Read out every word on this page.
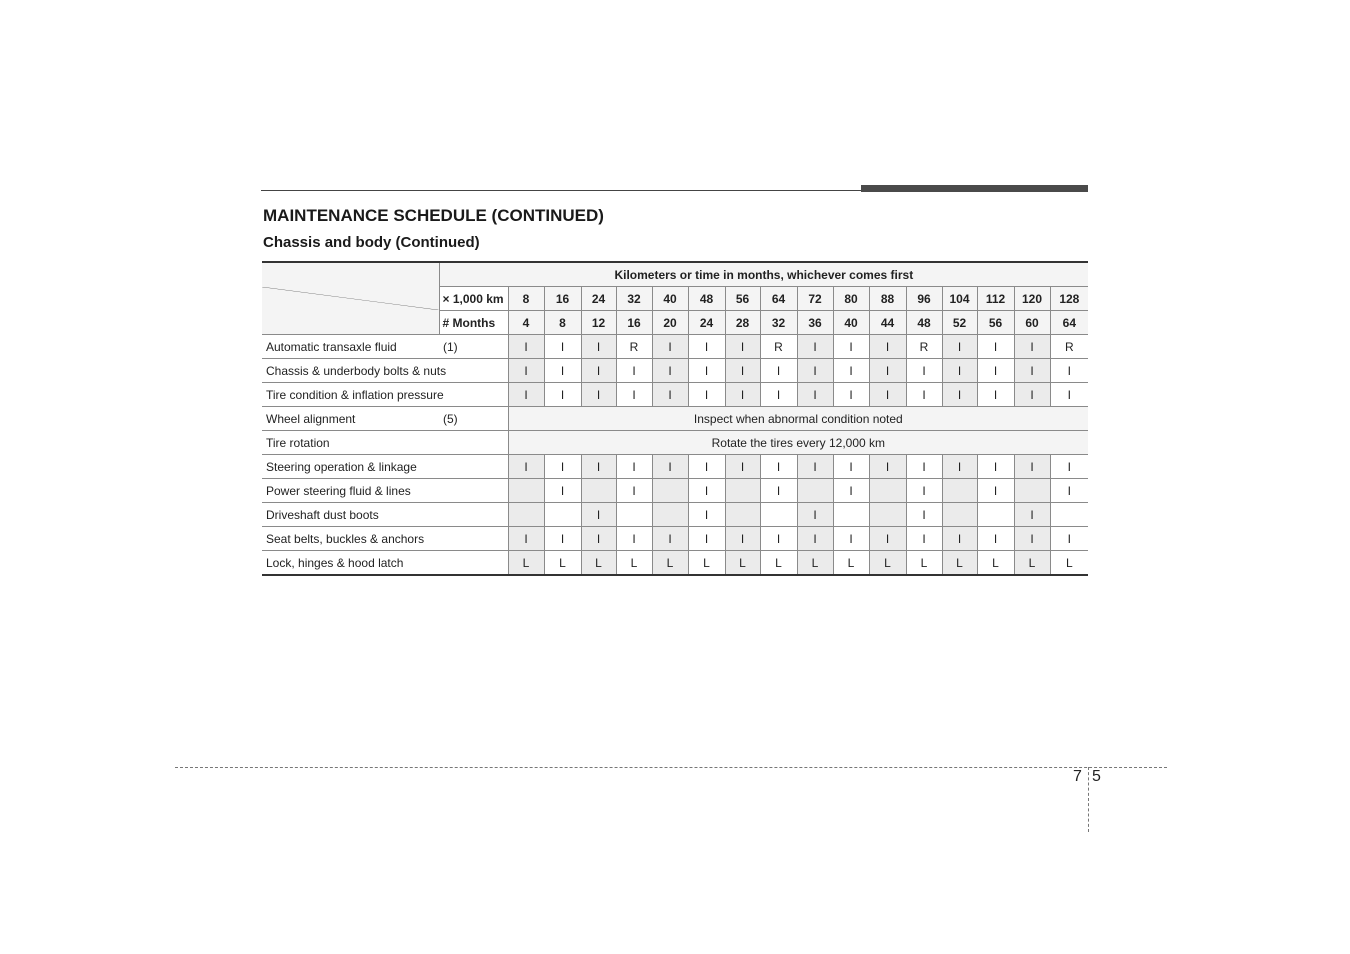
MAINTENANCE SCHEDULE (CONTINUED)
Chassis and body (Continued)
	Kilometers or time in months, whichever comes first																
	× 1,000 km	8	16	24	32	40	48	56	64	72	80	88	96	104	112	120	128
	# Months	4	8	12	16	20	24	28	32	36	40	44	48	52	56	60	64
Automatic transaxle fluid	(1)	I	I	I	R	I	I	I	R	I	I	I	R	I	I	I	R
Chassis & underbody bolts & nuts		I	I	I	I	I	I	I	I	I	I	I	I	I	I	I	I
Tire condition & inflation pressure		I	I	I	I	I	I	I	I	I	I	I	I	I	I	I	I
Wheel alignment	(5)	Inspect when abnormal condition noted															
Tire rotation		Rotate the tires every 12,000 km															
Steering operation & linkage		I	I	I	I	I	I	I	I	I	I	I	I	I	I	I	I
Power steering fluid & lines			I		I		I		I		I		I		I		I
Driveshaft dust boots				I			I			I			I			I	
Seat belts, buckles & anchors		I	I	I	I	I	I	I	I	I	I	I	I	I	I	I	I
Lock, hinges & hood latch		L	L	L	L	L	L	L	L	L	L	L	L	L	L	L	L
7 5
